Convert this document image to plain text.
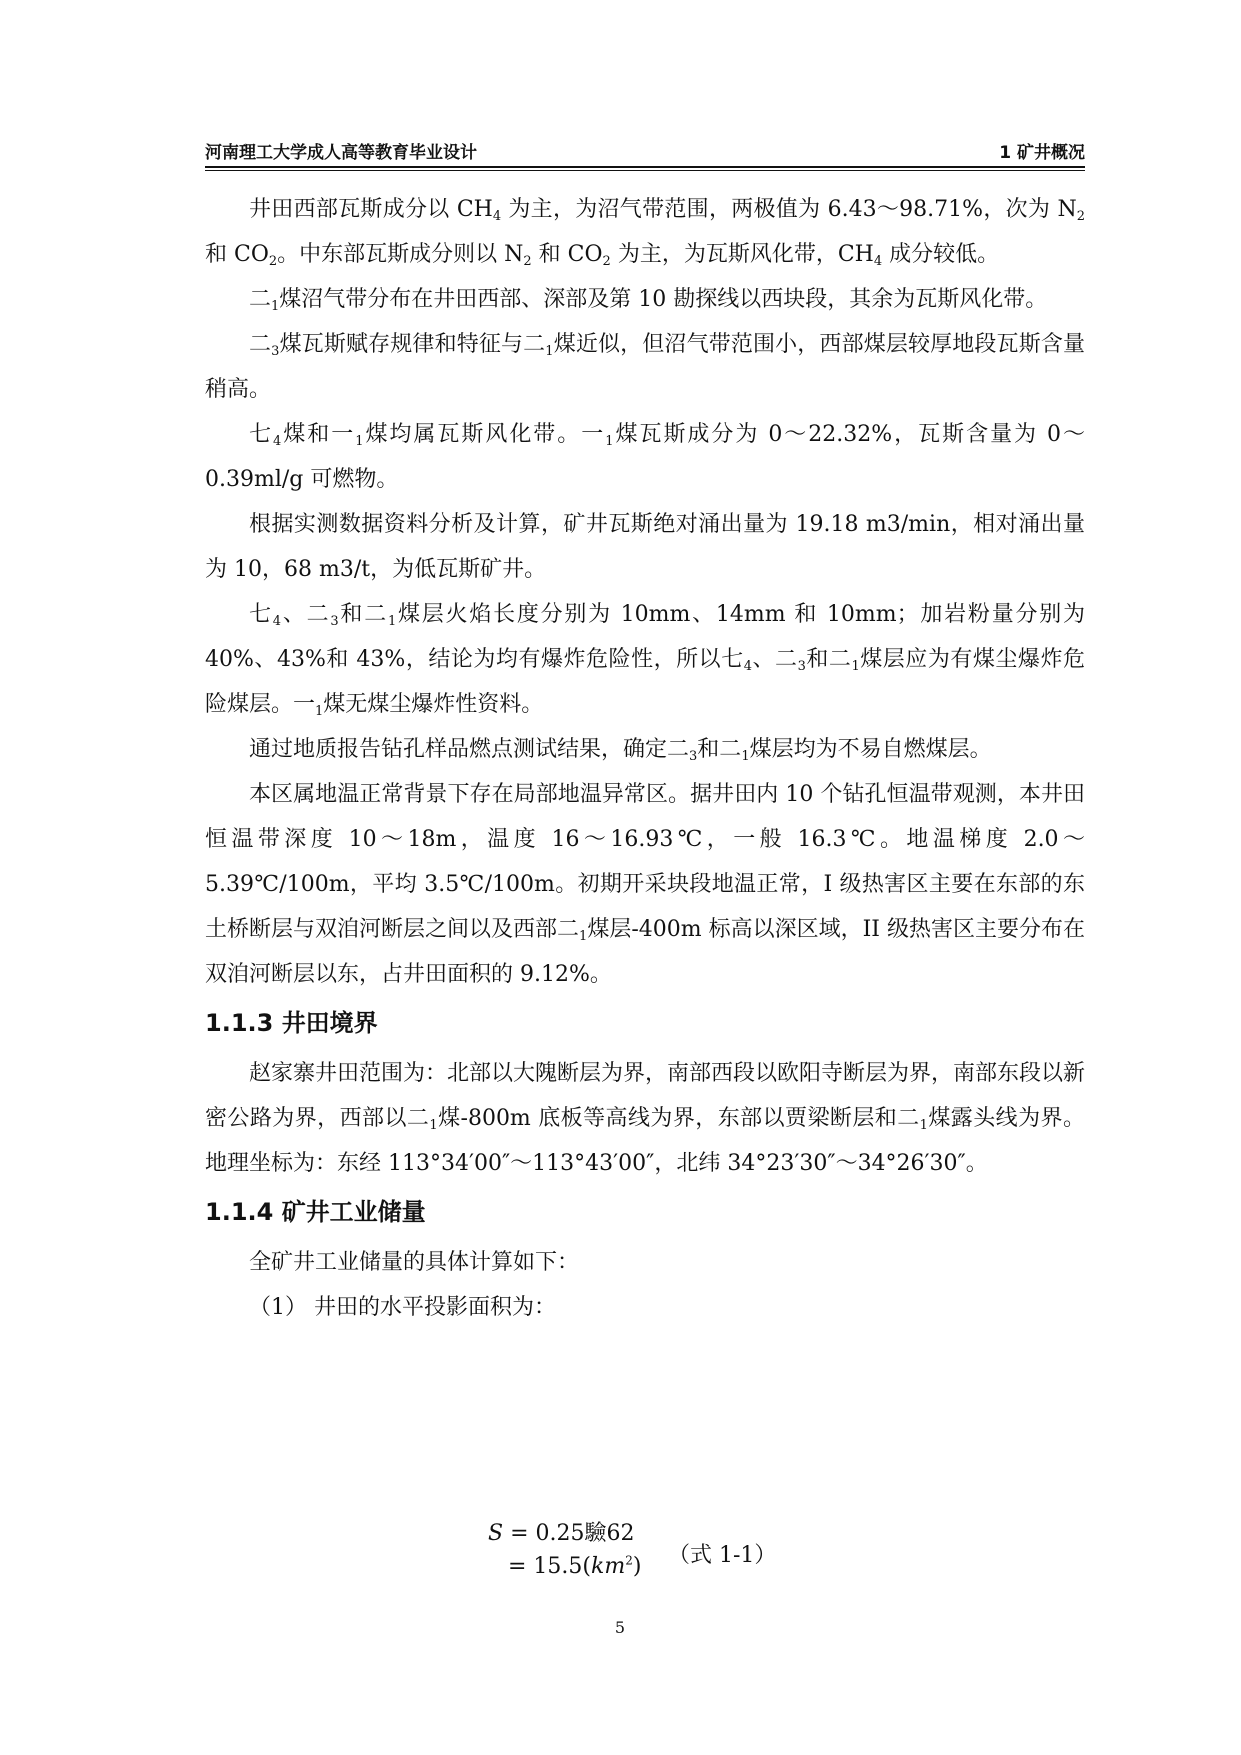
河南理工大学成人高等教育毕业设计	1 矿井概况

井田西部瓦斯成分以 $CH_4$ 为主，为沼气带范围，两极值为 6.43～98.71%，次为 $N_2$ 和 $CO_2$。中东部瓦斯成分则以 $N_2$ 和 $CO_2$ 为主，为瓦斯风化带，$CH_4$ 成分较低。

二$_1$煤沼气带分布在井田西部、深部及第 10 勘探线以西块段，其余为瓦斯风化带。

二$_3$煤瓦斯赋存规律和特征与二$_1$煤近似，但沼气带范围小，西部煤层较厚地段瓦斯含量稍高。

七$_4$煤和一$_1$煤均属瓦斯风化带。一$_1$煤瓦斯成分为 0～22.32%，瓦斯含量为 0～0.39ml/g 可燃物。

根据实测数据资料分析及计算，矿井瓦斯绝对涌出量为 19.18 m3/min，相对涌出量为 10，68 m3/t，为低瓦斯矿井。

七$_4$、二$_3$和二$_1$煤层火焰长度分别为 10mm、14mm 和 10mm；加岩粉量分别为 40%、43%和 43%，结论为均有爆炸危险性，所以七$_4$、二$_3$和二$_1$煤层应为有煤尘爆炸危险煤层。一$_1$煤无煤尘爆炸性资料。

通过地质报告钻孔样品燃点测试结果，确定二$_3$和二$_1$煤层均为不易自燃煤层。

本区属地温正常背景下存在局部地温异常区。据井田内 10 个钻孔恒温带观测，本井田恒温带深度 10～18m，温度 16～16.93℃，一般 16.3℃。地温梯度 2.0～5.39℃/100m，平均 3.5℃/100m。初期开采块段地温正常，I 级热害区主要在东部的东土桥断层与双洎河断层之间以及西部二$_1$煤层-400m 标高以深区域，II 级热害区主要分布在双洎河断层以东，占井田面积的 9.12%。

1.1.3 井田境界

赵家寨井田范围为：北部以大隗断层为界，南部西段以欧阳寺断层为界，南部东段以新密公路为界，西部以二$_1$煤-800m 底板等高线为界，东部以贾梁断层和二$_1$煤露头线为界。地理坐标为：东经 113°34′00″～113°43′00″，北纬 34°23′30″～34°26′30″。

1.1.4 矿井工业储量

全矿井工业储量的具体计算如下：

（1） 井田的水平投影面积为：

S = 0.25驗62
= $15.5(km^2)$ （式 1-1）
5
